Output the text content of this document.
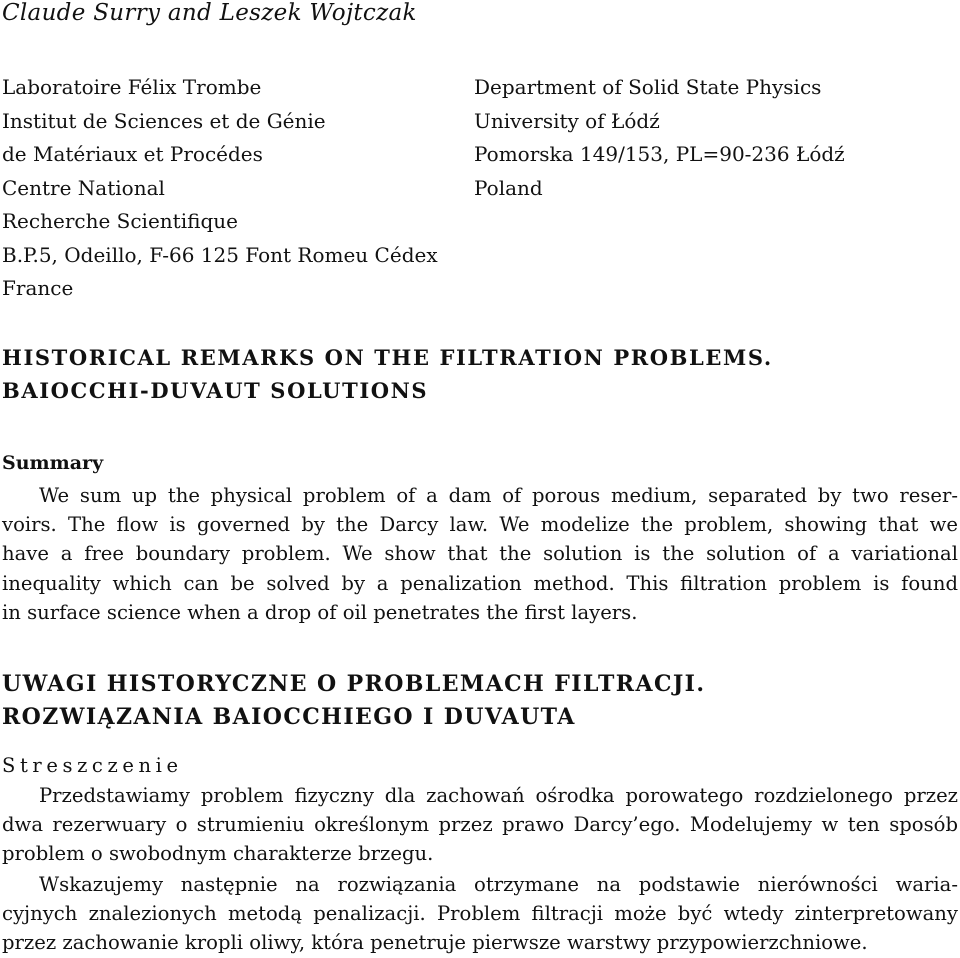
Claude Surry and Leszek Wojtczak
Laboratoire Félix Trombe
Institut de Sciences et de Génie
de Matériaux et Procédes
Centre National
Recherche Scientifique
B.P.5, Odeillo, F-66 125 Font Romeu Cédex
France
Department of Solid State Physics
University of Łódź
Pomorska 149/153, PL=90-236 Łódź
Poland
HISTORICAL REMARKS ON THE FILTRATION PROBLEMS.
BAIOCCHI-DUVAUT SOLUTIONS
Summary
We sum up the physical problem of a dam of porous medium, separated by two reser-
voirs. The flow is governed by the Darcy law. We modelize the problem, showing that we
have a free boundary problem. We show that the solution is the solution of a variational
inequality which can be solved by a penalization method. This filtration problem is found
in surface science when a drop of oil penetrates the first layers.
UWAGI HISTORYCZNE O PROBLEMACH FILTRACJI.
ROZWIĄZANIA BAIOCCHIEGO I DUVAUTA
Streszczenie
Przedstawiamy problem fizyczny dla zachowań ośrodka porowatego rozdzielonego przez
dwa rezerwuary o strumieniu określonym przez prawo Darcy’ego. Modelujemy w ten sposób
problem o swobodnym charakterze brzegu.
Wskazujemy następnie na rozwiązania otrzymane na podstawie nierówności waria-
cyjnych znalezionych metodą penalizacji. Problem filtracji może być wtedy zinterpretowany
przez zachowanie kropli oliwy, która penetruje pierwsze warstwy przypowierzchniowe.
